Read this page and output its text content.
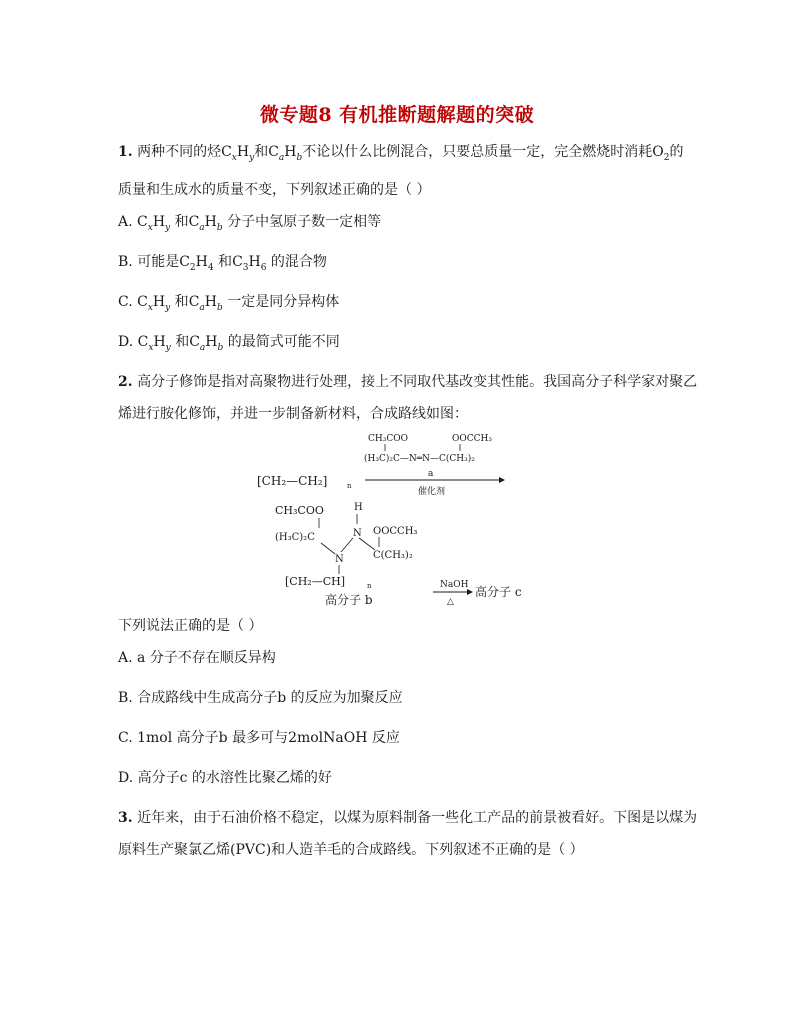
微专题8 有机推断题解题的突破
1. 两种不同的烃$C_xH_y$和$C_aH_b$不论以什么比例混合，只要总质量一定，完全燃烧时消耗$O_2$的
质量和生成水的质量不变，下列叙述正确的是（ ）
A. $C_xH_y$ 和$C_aH_b$ 分子中氢原子数一定相等
B. 可能是$C_2H_4$ 和$C_3H_6$ 的混合物
C. $C_xH_y$ 和$C_aH_b$ 一定是同分异构体
D. $C_xH_y$ 和$C_aH_b$ 的最简式可能不同
2. 高分子修饰是指对高聚物进行处理，接上不同取代基改变其性能。我国高分子科学家对聚乙
烯进行胺化修饰，并进一步制备新材料，合成路线如图：
CH₃COO	OOCCH₃
(H₃C)₂C—N═N—C(CH₃)₂
a
催化剂
[CH₂—CH₂]	n
CH₃COO	H
N OOCCH₃
(H₃C)₂C
C(CH₃)₂
N
[CH₂—CH]	n
高分子 b
NaOH
△
高分子 c
下列说法正确的是（ ）
A. a 分子不存在顺反异构
B. 合成路线中生成高分子b 的反应为加聚反应
C. 1mol 高分子b 最多可与2molNaOH 反应
D. 高分子c 的水溶性比聚乙烯的好
3. 近年来，由于石油价格不稳定，以煤为原料制备一些化工产品的前景被看好。下图是以煤为
原料生产聚氯乙烯(PVC)和人造羊毛的合成路线。下列叙述不正确的是（ ）
